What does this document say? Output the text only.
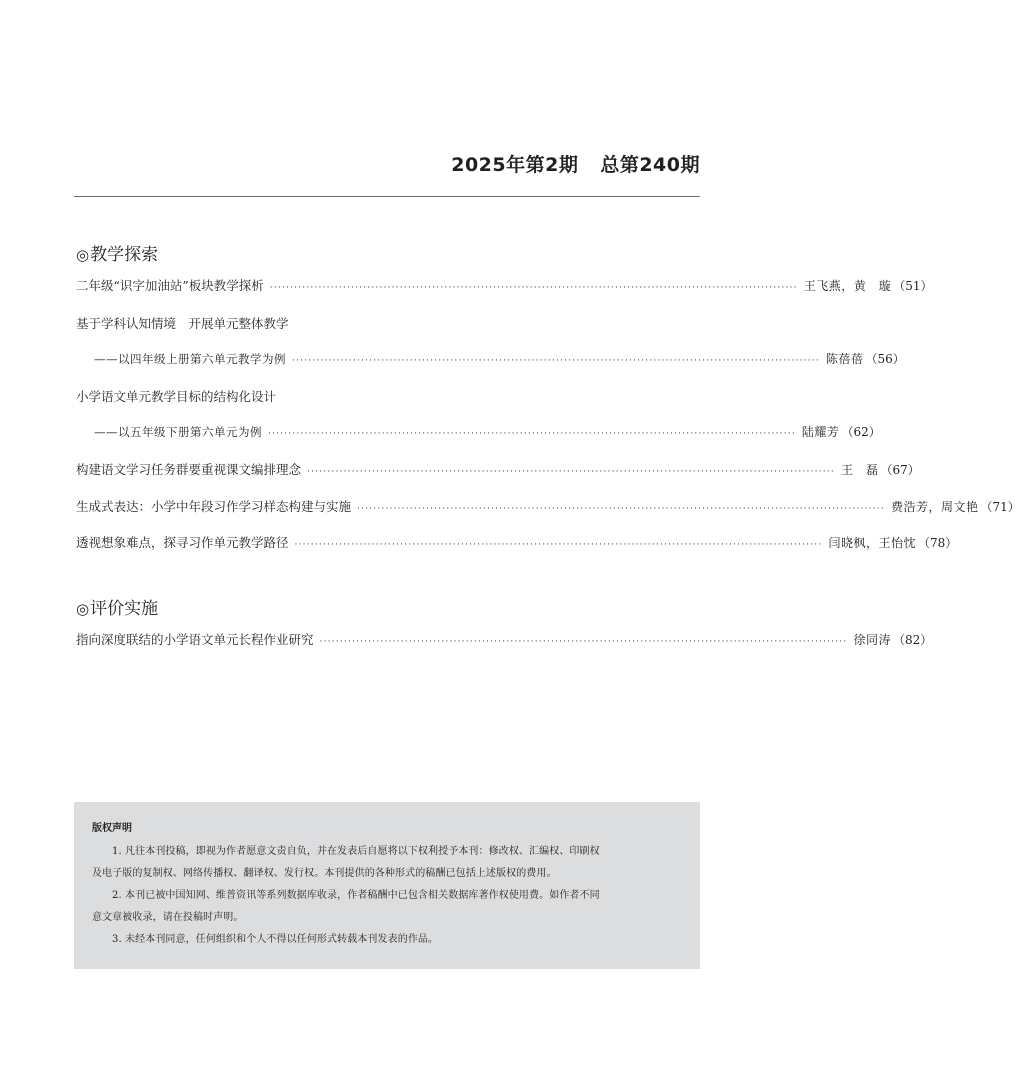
2025年第2期 总第240期
◎教学探索
二年级“识字加油站”板块教学探析 ·································································································································· 王飞燕，黄　璇 （51）
基于学科认知情境　开展单元整体教学
——以四年级上册第六单元教学为例 ·································································································································· 陈蓓蓓 （56）
小学语文单元教学目标的结构化设计
——以五年级下册第六单元为例 ·································································································································· 陆耀芳 （62）
构建语文学习任务群要重视课文编排理念 ·································································································································· 王　磊 （67）
生成式表达：小学中年段习作学习样态构建与实施 ·································································································································· 费浩芳，周文艳 （71）
透视想象难点，探寻习作单元教学路径 ·································································································································· 闫晓枫，王怡忱 （78）
◎评价实施
指向深度联结的小学语文单元长程作业研究 ·································································································································· 徐同涛 （82）
版权声明

1. 凡往本刊投稿，即视为作者愿意文责自负，并在发表后自愿将以下权利授予本刊：修改权、汇编权、印刷权

及电子版的复制权、网络传播权、翻译权、发行权。本刊提供的各种形式的稿酬已包括上述版权的费用。

2. 本刊已被中国知网、维普资讯等系列数据库收录，作者稿酬中已包含相关数据库著作权使用费。如作者不同

意文章被收录，请在投稿时声明。

3. 未经本刊同意，任何组织和个人不得以任何形式转载本刊发表的作品。
